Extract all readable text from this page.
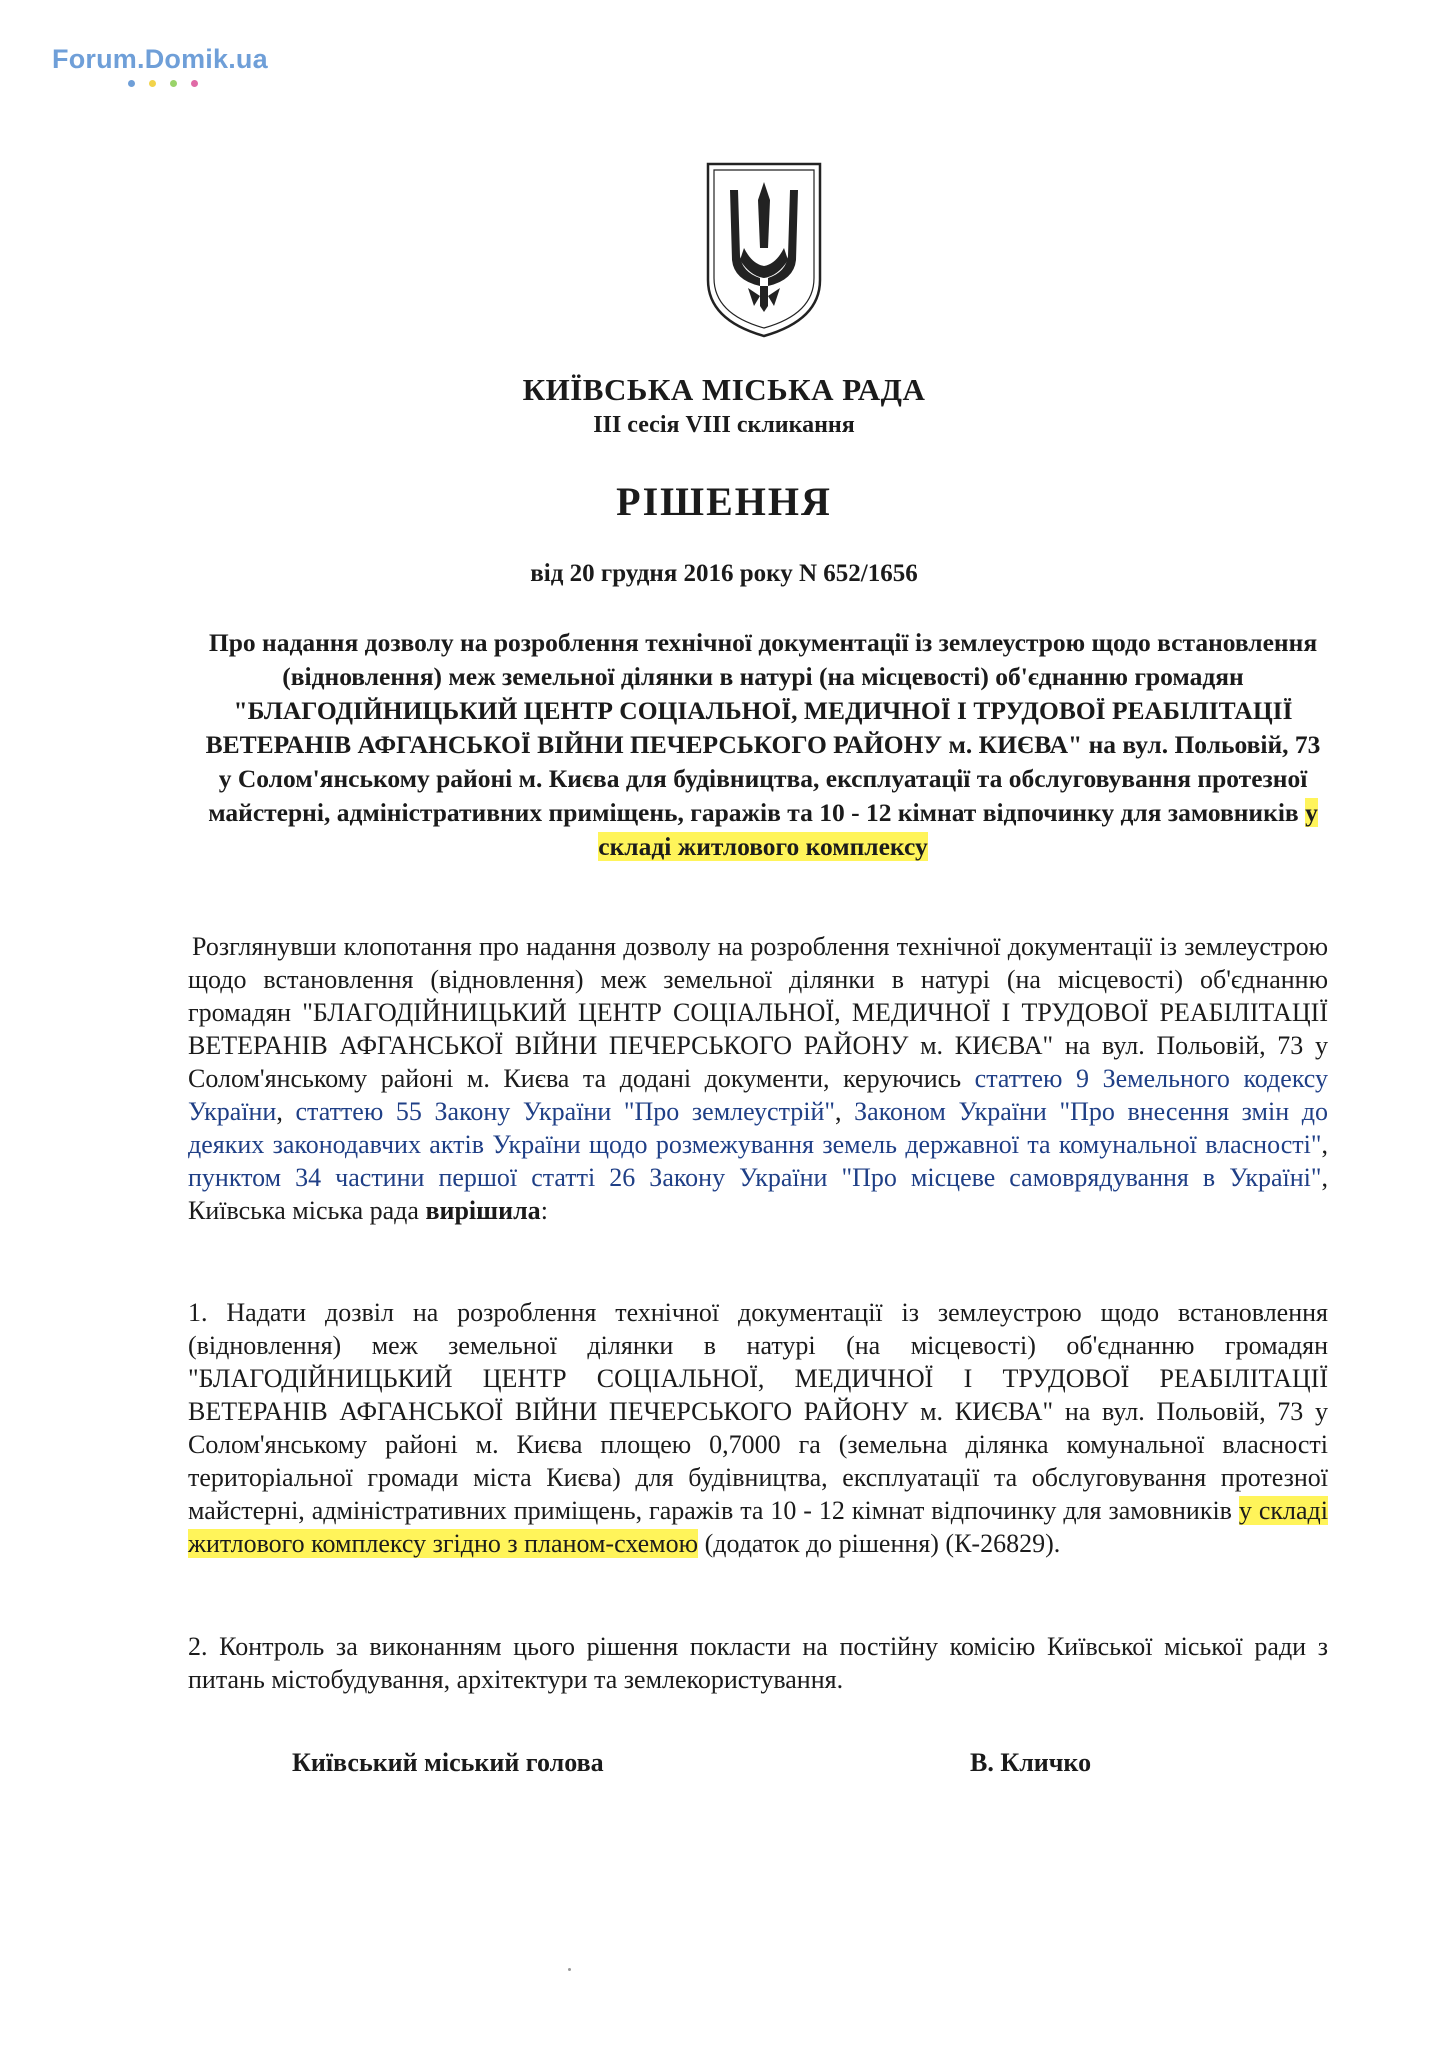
Forum.Domik.ua
КИЇВСЬКА МІСЬКА РАДА
ІІІ сесія VIII скликання
РІШЕННЯ
від 20 грудня 2016 року N 652/1656
Про надання дозволу на розроблення технічної документації із землеустрою щодо встановлення (відновлення) меж земельної ділянки в натурі (на місцевості) об'єднанню громадян "БЛАГОДІЙНИЦЬКИЙ ЦЕНТР СОЦІАЛЬНОЇ, МЕДИЧНОЇ І ТРУДОВОЇ РЕАБІЛІТАЦІЇ ВЕТЕРАНІВ АФГАНСЬКОЇ ВІЙНИ ПЕЧЕРСЬКОГО РАЙОНУ м. КИЄВА" на вул. Польовій, 73 у Солом'янському районі м. Києва для будівництва, експлуатації та обслуговування протезної майстерні, адміністративних приміщень, гаражів та 10 - 12 кімнат відпочинку для замовників у складі житлового комплексу
Розглянувши клопотання про надання дозволу на розроблення технічної документації із землеустрою щодо встановлення (відновлення) меж земельної ділянки в натурі (на місцевості) об'єднанню громадян "БЛАГОДІЙНИЦЬКИЙ ЦЕНТР СОЦІАЛЬНОЇ, МЕДИЧНОЇ І ТРУДОВОЇ РЕАБІЛІТАЦІЇ ВЕТЕРАНІВ АФГАНСЬКОЇ ВІЙНИ ПЕЧЕРСЬКОГО РАЙОНУ м. КИЄВА" на вул. Польовій, 73 у Солом'янському районі м. Києва та додані документи, керуючись статтею 9 Земельного кодексу України, статтею 55 Закону України "Про землеустрій", Законом України "Про внесення змін до деяких законодавчих актів України щодо розмежування земель державної та комунальної власності", пунктом 34 частини першої статті 26 Закону України "Про місцеве самоврядування в Україні", Київська міська рада вирішила:
1. Надати дозвіл на розроблення технічної документації із землеустрою щодо встановлення (відновлення) меж земельної ділянки в натурі (на місцевості) об'єднанню громадян "БЛАГОДІЙНИЦЬКИЙ ЦЕНТР СОЦІАЛЬНОЇ, МЕДИЧНОЇ І ТРУДОВОЇ РЕАБІЛІТАЦІЇ ВЕТЕРАНІВ АФГАНСЬКОЇ ВІЙНИ ПЕЧЕРСЬКОГО РАЙОНУ м. КИЄВА" на вул. Польовій, 73 у Солом'янському районі м. Києва площею 0,7000 га (земельна ділянка комунальної власності територіальної громади міста Києва) для будівництва, експлуатації та обслуговування протезної майстерні, адміністративних приміщень, гаражів та 10 - 12 кімнат відпочинку для замовників у складі житлового комплексу згідно з планом-схемою (додаток до рішення) (К-26829).
2. Контроль за виконанням цього рішення покласти на постійну комісію Київської міської ради з питань містобудування, архітектури та землекористування.
Київський міський голова	В. Кличко
